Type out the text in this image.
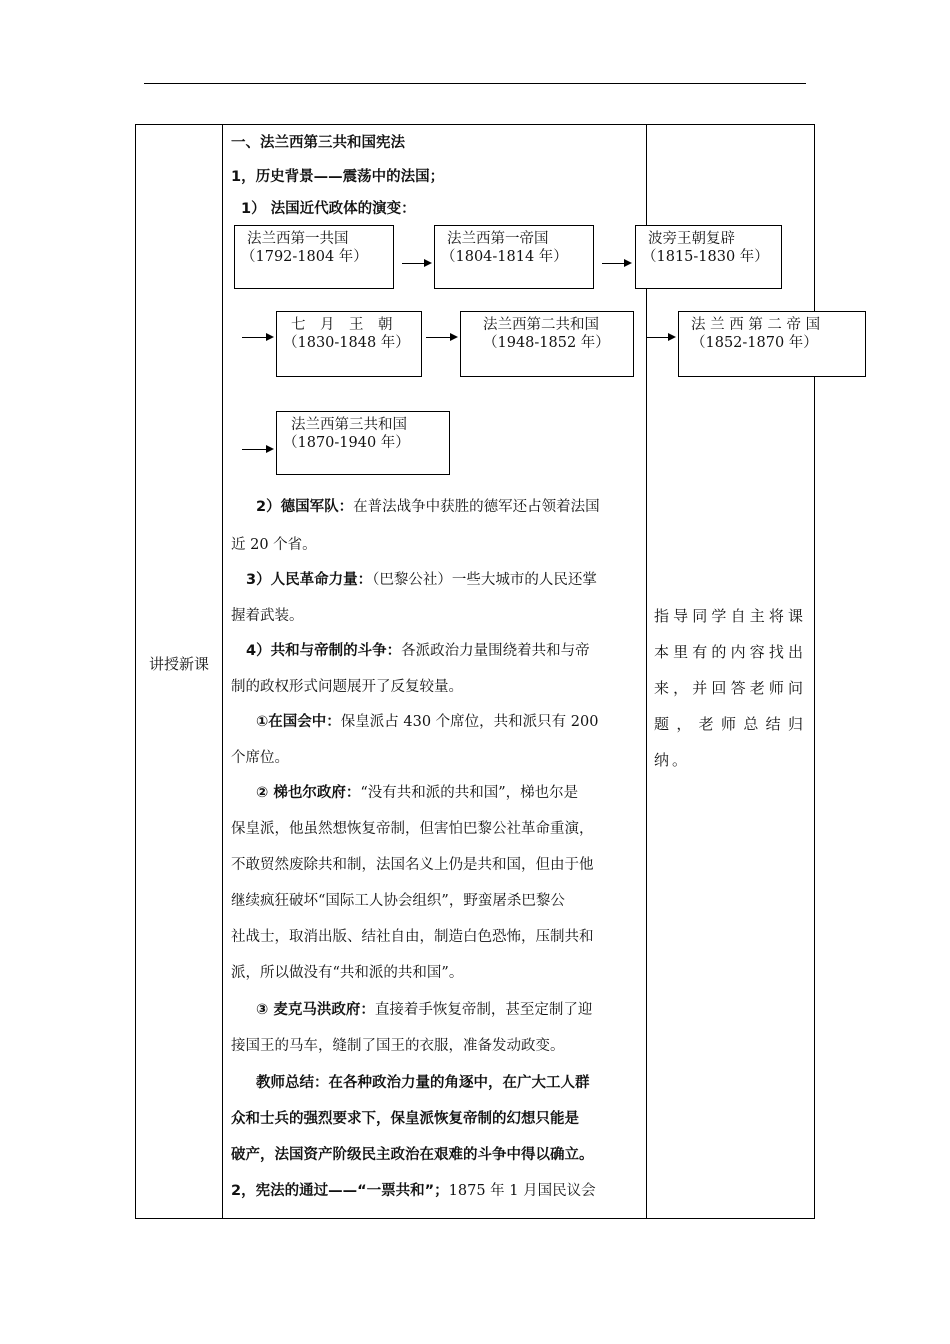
讲授新课
一、法兰西第三共和国宪法
1，历史背景——震荡中的法国；
1） 法国近代政体的演变：
法兰西第一共国
（1792-1804 年）
法兰西第一帝国
（1804-1814 年）
波旁王朝复辟
（1815-1830 年）
七　月　王　朝
（1830-1848 年）
法兰西第二共和国
（1948-1852 年）
法 兰 西 第 二 帝 国
（1852-1870 年）
法兰西第三共和国
（1870-1940 年）
2）德国军队：在普法战争中获胜的德军还占领着法国
近 20 个省。
3）人民革命力量：（巴黎公社）一些大城市的人民还掌
握着武装。
4）共和与帝制的斗争：各派政治力量围绕着共和与帝
制的政权形式问题展开了反复较量。
①在国会中：保皇派占 430 个席位，共和派只有 200
个席位。
② 梯也尔政府：“没有共和派的共和国”，梯也尔是
保皇派，他虽然想恢复帝制，但害怕巴黎公社革命重演，
不敢贸然废除共和制，法国名义上仍是共和国，但由于他
继续疯狂破坏“国际工人协会组织”，野蛮屠杀巴黎公
社战士，取消出版、结社自由，制造白色恐怖，压制共和
派，所以做没有“共和派的共和国”。
③ 麦克马洪政府：直接着手恢复帝制，甚至定制了迎
接国王的马车，缝制了国王的衣服，准备发动政变。
教师总结：在各种政治力量的角逐中，在广大工人群
众和士兵的强烈要求下，保皇派恢复帝制的幻想只能是
破产，法国资产阶级民主政治在艰难的斗争中得以确立。
2，宪法的通过——“一票共和”；1875 年 1 月国民议会
指导同学自主将课本里有的内容找出来，并回答老师问题，老师总结归纳。
